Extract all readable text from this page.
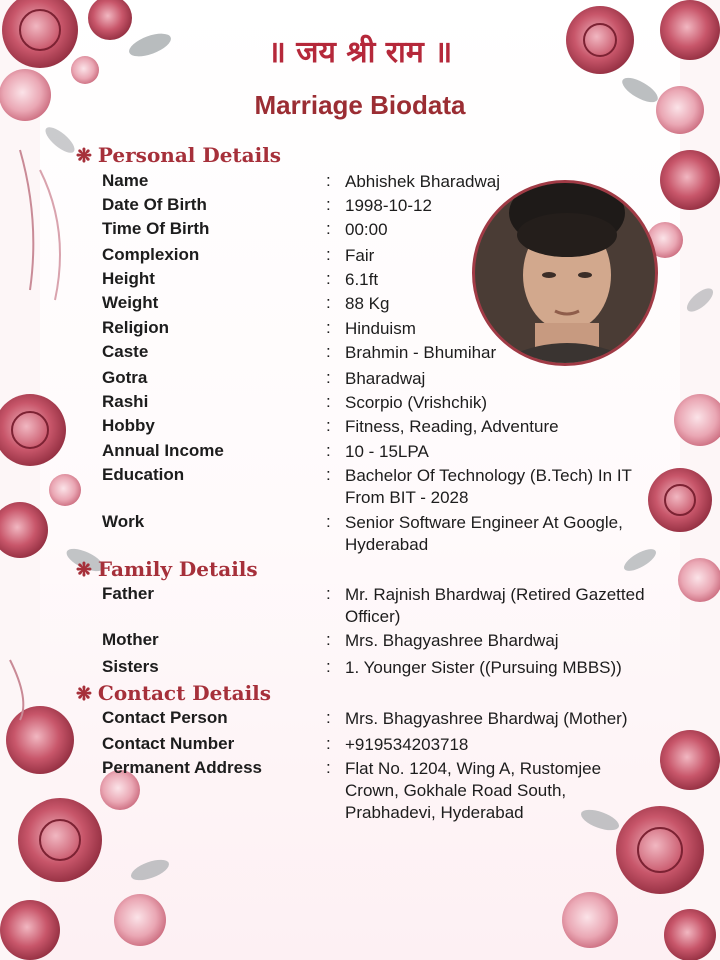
॥ जय श्री राम ॥
Marriage Biodata
❋ Personal Details
Name	: Abhishek Bharadwaj
Date Of Birth	: 1998-10-12
Time Of Birth	: 00:00
Complexion	: Fair
Height	: 6.1ft
Weight	: 88 Kg
Religion	: Hinduism
Caste	: Brahmin - Bhumihar
Gotra	: Bharadwaj
Rashi	: Scorpio (Vrishchik)
Hobby	: Fitness, Reading, Adventure
Annual Income	: 10 - 15LPA
Education	: Bachelor Of Technology (B.Tech) In IT From BIT - 2028
Work	: Senior Software Engineer At Google, Hyderabad
❋ Family Details
Father	: Mr. Rajnish Bhardwaj (Retired Gazetted Officer)
Mother	: Mrs. Bhagyashree Bhardwaj
Sisters	: 1. Younger Sister ((Pursuing MBBS))
❋ Contact Details
Contact Person	: Mrs. Bhagyashree Bhardwaj (Mother)
Contact Number	: +919534203718
Permanent Address	: Flat No. 1204, Wing A, Rustomjee Crown, Gokhale Road South, Prabhadevi, Hyderabad
